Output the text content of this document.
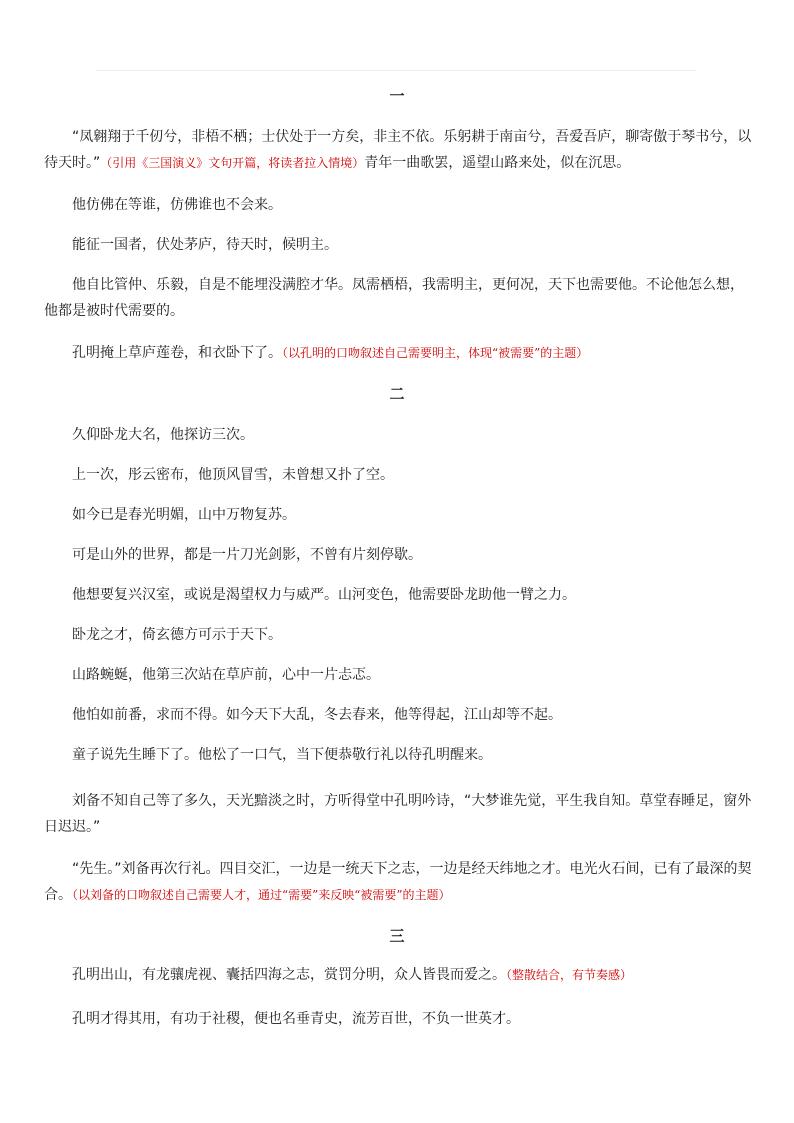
一

“凤翱翔于千仞兮，非梧不栖；士伏处于一方矣，非主不依。乐躬耕于南亩兮，吾爱吾庐，聊寄傲于琴书兮，以待天时。”（引用《三国演义》文句开篇，将读者拉入情境）青年一曲歌罢，遥望山路来处，似在沉思。

他仿佛在等谁，仿佛谁也不会来。

能征一国者，伏处茅庐，待天时，候明主。

他自比管仲、乐毅，自是不能埋没满腔才华。凤需栖梧，我需明主，更何况，天下也需要他。不论他怎么想，他都是被时代需要的。

孔明掩上草庐莲卷，和衣卧下了。（以孔明的口吻叙述自己需要明主，体现“被需要”的主题）

二

久仰卧龙大名，他探访三次。

上一次，彤云密布，他顶风冒雪，未曾想又扑了空。

如今已是春光明媚，山中万物复苏。

可是山外的世界，都是一片刀光剑影，不曾有片刻停歇。

他想要复兴汉室，或说是渴望权力与威严。山河变色，他需要卧龙助他一臂之力。

卧龙之才，倚玄德方可示于天下。

山路蜿蜒，他第三次站在草庐前，心中一片忐忑。

他怕如前番，求而不得。如今天下大乱，冬去春来，他等得起，江山却等不起。

童子说先生睡下了。他松了一口气，当下便恭敬行礼以待孔明醒来。

刘备不知自己等了多久，天光黯淡之时，方听得堂中孔明吟诗，“大梦谁先觉，平生我自知。草堂春睡足，窗外日迟迟。”

“先生。”刘备再次行礼。四目交汇，一边是一统天下之志，一边是经天纬地之才。电光火石间，已有了最深的契合。（以刘备的口吻叙述自己需要人才，通过“需要”来反映“被需要”的主题）

三

孔明出山，有龙骧虎视、囊括四海之志，赏罚分明，众人皆畏而爱之。（整散结合，有节奏感）

孔明才得其用，有功于社稷，便也名垂青史，流芳百世，不负一世英才。
